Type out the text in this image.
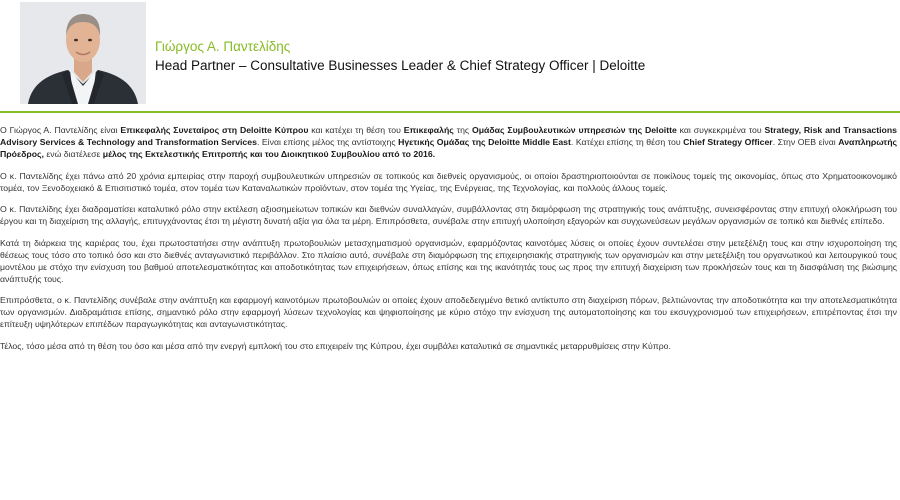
Γιώργος Α. Παντελίδης
Head Partner – Consultative Businesses Leader & Chief Strategy Officer | Deloitte

Ο Γιώργος Α. Παντελίδης είναι Επικεφαλής Συνεταίρος στη Deloitte Κύπρου και κατέχει τη θέση του Επικεφαλής της Ομάδας Συμβουλευτικών υπηρεσιών της Deloitte και συγκεκριμένα του Strategy, Risk and Transactions Advisory Services & Technology and Transformation Services. Είναι επίσης μέλος της αντίστοιχης Ηγετικής Ομάδας της Deloitte Middle East. Κατέχει επίσης τη θέση του Chief Strategy Officer. Στην ΟΕΒ είναι Αναπληρωτής Πρόεδρος, ενώ διατέλεσε μέλος της Εκτελεστικής Επιτροπής και του Διοικητικού Συμβουλίου από το 2016.

Ο κ. Παντελίδης έχει πάνω από 20 χρόνια εμπειρίας στην παροχή συμβουλευτικών υπηρεσιών σε τοπικούς και διεθνείς οργανισμούς, οι οποίοι δραστηριοποιούνται σε ποικίλους τομείς της οικονομίας, όπως στο Χρηματοοικονομικό τομέα, τον Ξενοδοχειακό & Επισιτιστικό τομέα, στον τομέα των Καταναλωτικών προϊόντων, στον τομέα της Υγείας, της Ενέργειας, της Τεχνολογίας, και πολλούς άλλους τομείς.

Ο κ. Παντελίδης έχει διαδραματίσει καταλυτικό ρόλο στην εκτέλεση αξιοσημείωτων τοπικών και διεθνών συναλλαγών, συμβάλλοντας στη διαμόρφωση της στρατηγικής τους ανάπτυξης, συνεισφέροντας στην επιτυχή ολοκλήρωση του έργου και τη διαχείριση της αλλαγής, επιτυγχάνοντας έτσι τη μέγιστη δυνατή αξία για όλα τα μέρη. Επιπρόσθετα, συνέβαλε στην επιτυχή υλοποίηση εξαγορών και συγχωνεύσεων μεγάλων οργανισμών σε τοπικό και διεθνές επίπεδο.

Κατά τη διάρκεια της καριέρας του, έχει πρωτοστατήσει στην ανάπτυξη πρωτοβουλιών μετασχηματισμού οργανισμών, εφαρμόζοντας καινοτόμες λύσεις οι οποίες έχουν συντελέσει στην μετεξέλιξη τους και στην ισχυροποίηση της θέσεως τους τόσο στο τοπικό όσο και στο διεθνές ανταγωνιστικό περιβάλλον. Στο πλαίσιο αυτό, συνέβαλε στη διαμόρφωση της επιχειρησιακής στρατηγικής των οργανισμών και στην μετεξέλιξη του οργανωτικού και λειτουργικού τους μοντέλου με στόχο την ενίσχυση του βαθμού αποτελεσματικότητας και αποδοτικότητας των επιχειρήσεων, όπως επίσης και της ικανότητάς τους ως προς την επιτυχή διαχείριση των προκλήσεών τους και τη διασφάλιση της βιώσιμης ανάπτυξής τους.

Επιπρόσθετα, ο κ. Παντελίδης συνέβαλε στην ανάπτυξη και εφαρμογή καινοτόμων πρωτοβουλιών οι οποίες έχουν αποδεδειγμένο θετικό αντίκτυπο στη διαχείριση πόρων, βελτιώνοντας την αποδοτικότητα και την αποτελεσματικότητα των οργανισμών. Διαδραμάτισε επίσης, σημαντικό ρόλο στην εφαρμογή λύσεων τεχνολογίας και ψηφιοποίησης με κύριο στόχο την ενίσχυση της αυτοματοποίησης και του εκσυγχρονισμού των επιχειρήσεων, επιτρέποντας έτσι την επίτευξη υψηλότερων επιπέδων παραγωγικότητας και ανταγωνιστικότητας.

Τέλος, τόσο μέσα από τη θέση του όσο και μέσα από την ενεργή εμπλοκή του στο επιχειρείν της Κύπρου, έχει συμβάλει καταλυτικά σε σημαντικές μεταρρυθμίσεις στην Κύπρο.
